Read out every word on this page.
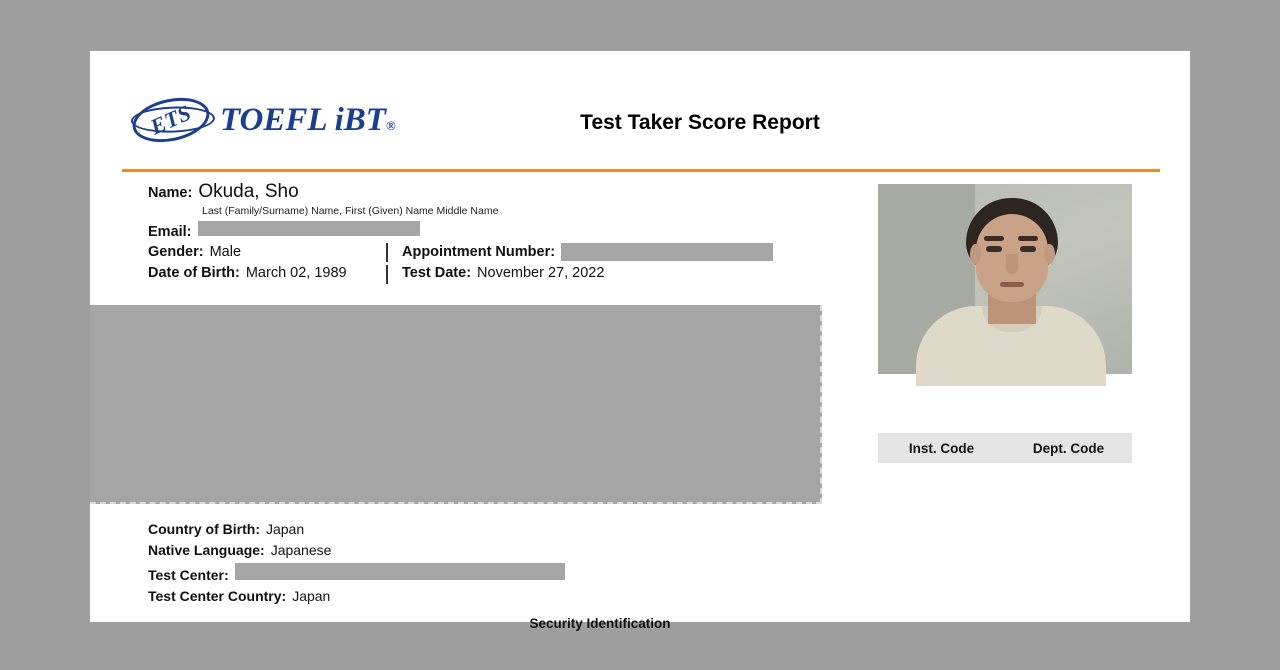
ETS TOEFL iBT®	Test Taker Score Report
Name: Okuda, Sho
Last (Family/Surname) Name, First (Given) Name Middle Name
Email:
Gender: Male	Appointment Number:
Date of Birth: March 02, 1989	Test Date: November 27, 2022
Inst. Code	Dept. Code
Country of Birth: Japan
Native Language: Japanese
Test Center:
Test Center Country: Japan
Security Identification
